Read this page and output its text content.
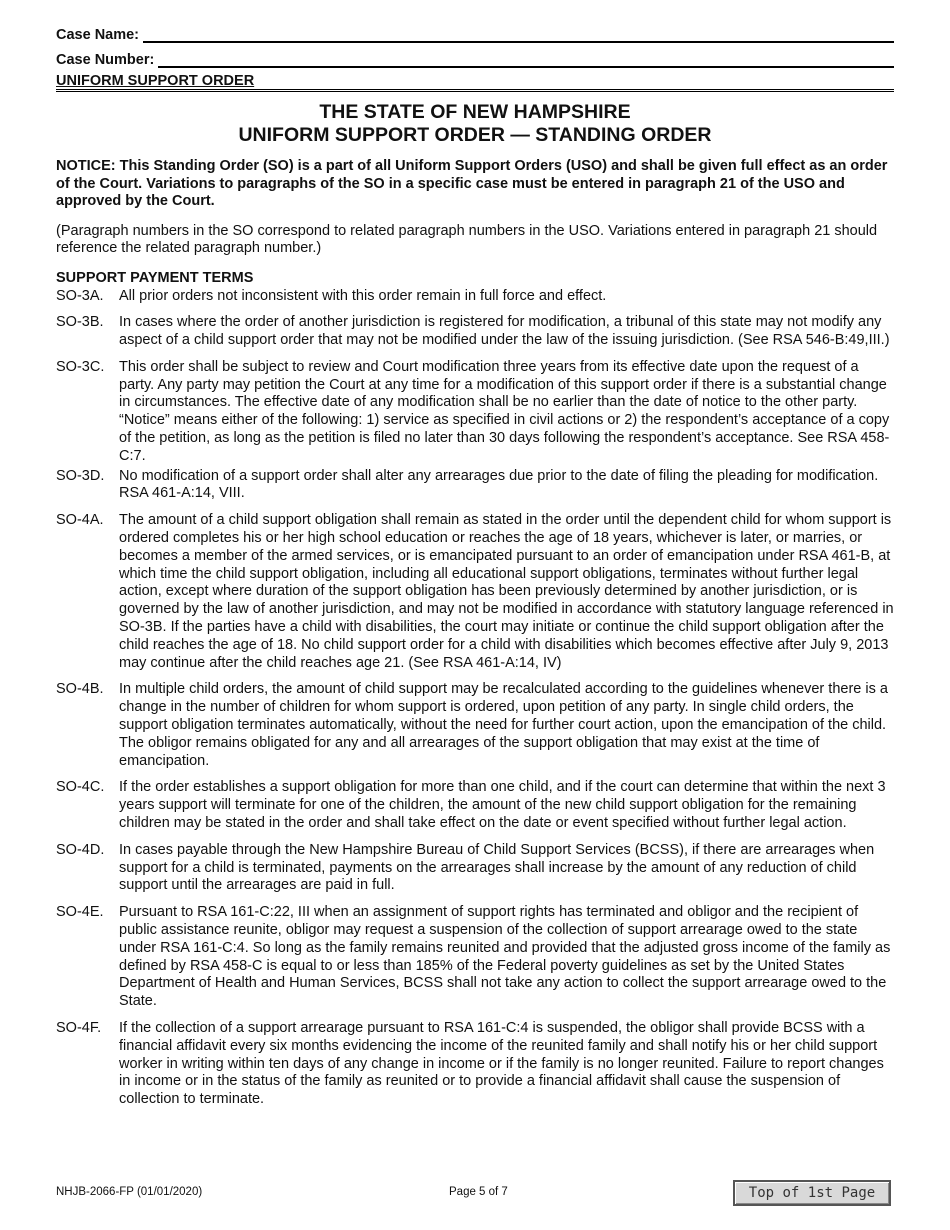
Case Name:
Case Number:
UNIFORM SUPPORT ORDER
THE STATE OF NEW HAMPSHIRE
UNIFORM SUPPORT ORDER — STANDING ORDER
NOTICE: This Standing Order (SO) is a part of all Uniform Support Orders (USO) and shall be given full effect as an order of the Court. Variations to paragraphs of the SO in a specific case must be entered in paragraph 21 of the USO and approved by the Court.
(Paragraph numbers in the SO correspond to related paragraph numbers in the USO. Variations entered in paragraph 21 should reference the related paragraph number.)
SUPPORT PAYMENT TERMS
SO-3A.	All prior orders not inconsistent with this order remain in full force and effect.
SO-3B.	In cases where the order of another jurisdiction is registered for modification, a tribunal of this state may not modify any aspect of a child support order that may not be modified under the law of the issuing jurisdiction. (See RSA 546-B:49,III.)
SO-3C.	This order shall be subject to review and Court modification three years from its effective date upon the request of a party. Any party may petition the Court at any time for a modification of this support order if there is a substantial change in circumstances. The effective date of any modification shall be no earlier than the date of notice to the other party. “Notice” means either of the following: 1) service as specified in civil actions or 2) the respondent’s acceptance of a copy of the petition, as long as the petition is filed no later than 30 days following the respondent’s acceptance. See RSA 458-C:7.
SO-3D.	No modification of a support order shall alter any arrearages due prior to the date of filing the pleading for modification. RSA 461-A:14, VIII.
SO-4A.	The amount of a child support obligation shall remain as stated in the order until the dependent child for whom support is ordered completes his or her high school education or reaches the age of 18 years, whichever is later, or marries, or becomes a member of the armed services, or is emancipated pursuant to an order of emancipation under RSA 461-B, at which time the child support obligation, including all educational support obligations, terminates without further legal action, except where duration of the support obligation has been previously determined by another jurisdiction, or is governed by the law of another jurisdiction, and may not be modified in accordance with statutory language referenced in SO-3B. If the parties have a child with disabilities, the court may initiate or continue the child support obligation after the child reaches the age of 18. No child support order for a child with disabilities which becomes effective after July 9, 2013 may continue after the child reaches age 21. (See RSA 461-A:14, IV)
SO-4B.	In multiple child orders, the amount of child support may be recalculated according to the guidelines whenever there is a change in the number of children for whom support is ordered, upon petition of any party. In single child orders, the support obligation terminates automatically, without the need for further court action, upon the emancipation of the child. The obligor remains obligated for any and all arrearages of the support obligation that may exist at the time of emancipation.
SO-4C.	If the order establishes a support obligation for more than one child, and if the court can determine that within the next 3 years support will terminate for one of the children, the amount of the new child support obligation for the remaining children may be stated in the order and shall take effect on the date or event specified without further legal action.
SO-4D.	In cases payable through the New Hampshire Bureau of Child Support Services (BCSS), if there are arrearages when support for a child is terminated, payments on the arrearages shall increase by the amount of any reduction of child support until the arrearages are paid in full.
SO-4E.	Pursuant to RSA 161-C:22, III when an assignment of support rights has terminated and obligor and the recipient of public assistance reunite, obligor may request a suspension of the collection of support arrearage owed to the state under RSA 161-C:4. So long as the family remains reunited and provided that the adjusted gross income of the family as defined by RSA 458-C is equal to or less than 185% of the Federal poverty guidelines as set by the United States Department of Health and Human Services, BCSS shall not take any action to collect the support arrearage owed to the State.
SO-4F.	If the collection of a support arrearage pursuant to RSA 161-C:4 is suspended, the obligor shall provide BCSS with a financial affidavit every six months evidencing the income of the reunited family and shall notify his or her child support worker in writing within ten days of any change in income or if the family is no longer reunited. Failure to report changes in income or in the status of the family as reunited or to provide a financial affidavit shall cause the suspension of collection to terminate.
NHJB-2066-FP (01/01/2020)	Page 5 of 7	Top of 1st Page
